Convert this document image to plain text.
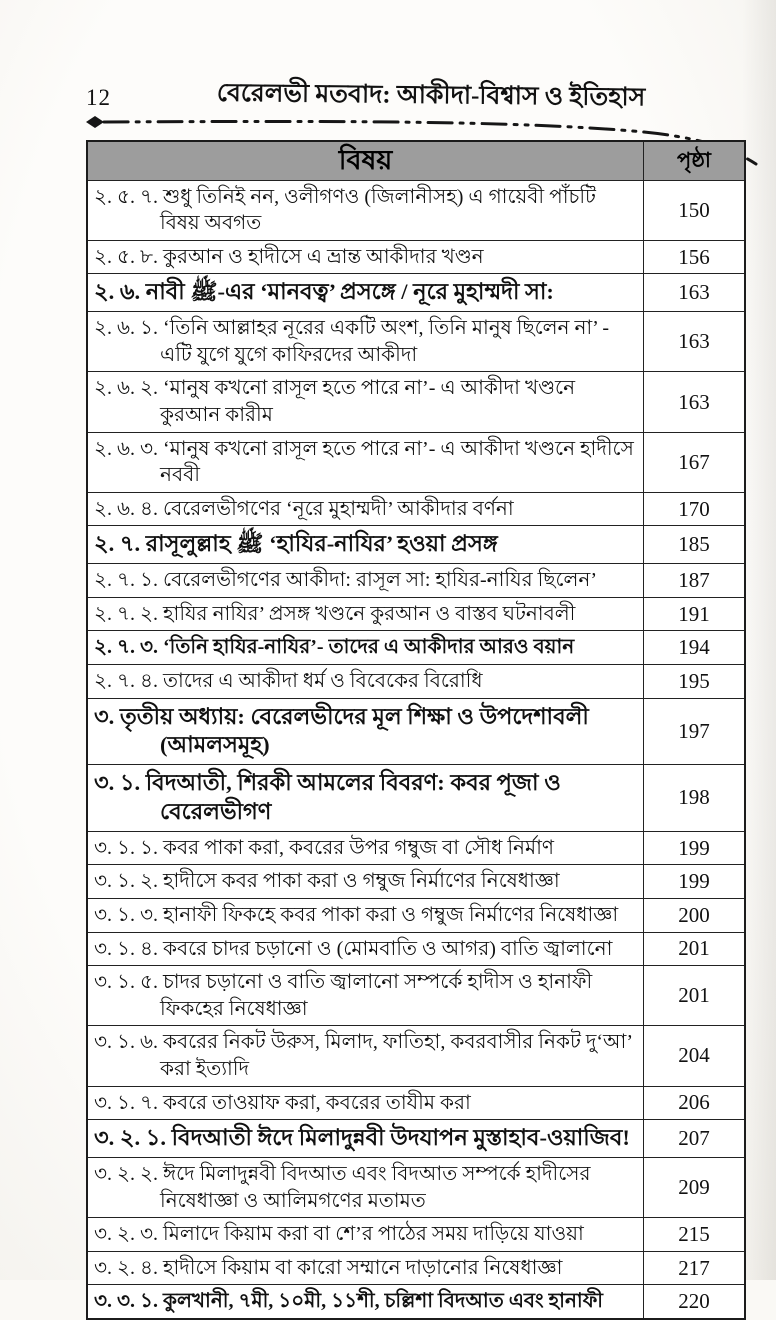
12	বেরেলভী মতবাদ: আকীদা-বিশ্বাস ও ইতিহাস
বিষয়	পৃষ্ঠা
২. ৫. ৭. শুধু তিনিই নন, ওলীগণও (জিলানীসহ) এ গায়েবী পাঁচটি বিষয় অবগত	150
২. ৫. ৮. কুরআন ও হাদীসে এ ভ্রান্ত আকীদার খণ্ডন	156
২. ৬. নাবী ﷺ-এর ‘মানবত্ব’ প্রসঙ্গে / নূরে মুহাম্মদী সা:	163
২. ৬. ১. ‘তিনি আল্লাহর নূরের একটি অংশ, তিনি মানুষ ছিলেন না’ - এটি যুগে যুগে কাফিরদের আকীদা	163
২. ৬. ২. ‘মানুষ কখনো রাসূল হতে পারে না’- এ আকীদা খণ্ডনে কুরআন কারীম	163
২. ৬. ৩. ‘মানুষ কখনো রাসূল হতে পারে না’- এ আকীদা খণ্ডনে হাদীসে নববী	167
২. ৬. ৪. বেরেলভীগণের ‘নূরে মুহাম্মদী’ আকীদার বর্ণনা	170
২. ৭. রাসূলুল্লাহ ﷺ ‘হাযির-নাযির’ হওয়া প্রসঙ্গ	185
২. ৭. ১. বেরেলভীগণের আকীদা: রাসূল সা: হাযির-নাযির ছিলেন’	187
২. ৭. ২. হাযির নাযির’ প্রসঙ্গ খণ্ডনে কুরআন ও বাস্তব ঘটনাবলী	191
২. ৭. ৩. ‘তিনি হাযির-নাযির’- তাদের এ আকীদার আরও বয়ান	194
২. ৭. ৪. তাদের এ আকীদা ধর্ম ও বিবেকের বিরোধি	195
৩. তৃতীয় অধ্যায়: বেরেলভীদের মূল শিক্ষা ও উপদেশাবলী (আমলসমূহ)	197
৩. ১. বিদআতী, শিরকী আমলের বিবরণ: কবর পূজা ও বেরেলভীগণ	198
৩. ১. ১. কবর পাকা করা, কবরের উপর গম্বুজ বা সৌধ নির্মাণ	199
৩. ১. ২. হাদীসে কবর পাকা করা ও গম্বুজ নির্মাণের নিষেধাজ্ঞা	199
৩. ১. ৩. হানাফী ফিকহে কবর পাকা করা ও গম্বুজ নির্মাণের নিষেধাজ্ঞা	200
৩. ১. ৪. কবরে চাদর চড়ানো ও (মোমবাতি ও আগর) বাতি জ্বালানো	201
৩. ১. ৫. চাদর চড়ানো ও বাতি জ্বালানো সম্পর্কে হাদীস ও হানাফী ফিকহের নিষেধাজ্ঞা	201
৩. ১. ৬. কবরের নিকট উরুস, মিলাদ, ফাতিহা, কবরবাসীর নিকট দু‘আ’ করা ইত্যাদি	204
৩. ১. ৭. কবরে তাওয়াফ করা, কবরের তাযীম করা	206
৩. ২. ১. বিদআতী ঈদে মিলাদুন্নবী উদযাপন মুস্তাহাব-ওয়াজিব!	207
৩. ২. ২. ঈদে মিলাদুন্নবী বিদআত এবং বিদআত সম্পর্কে হাদীসের নিষেধাজ্ঞা ও আলিমগণের মতামত	209
৩. ২. ৩. মিলাদে কিয়াম করা বা শে’র পাঠের সময় দাড়িয়ে যাওয়া	215
৩. ২. ৪. হাদীসে কিয়াম বা কারো সম্মানে দাড়ানোর নিষেধাজ্ঞা	217
৩. ৩. ১. কুলখানী, ৭মী, ১০মী, ১১শী, চল্লিশা বিদআত এবং হানাফী	220
